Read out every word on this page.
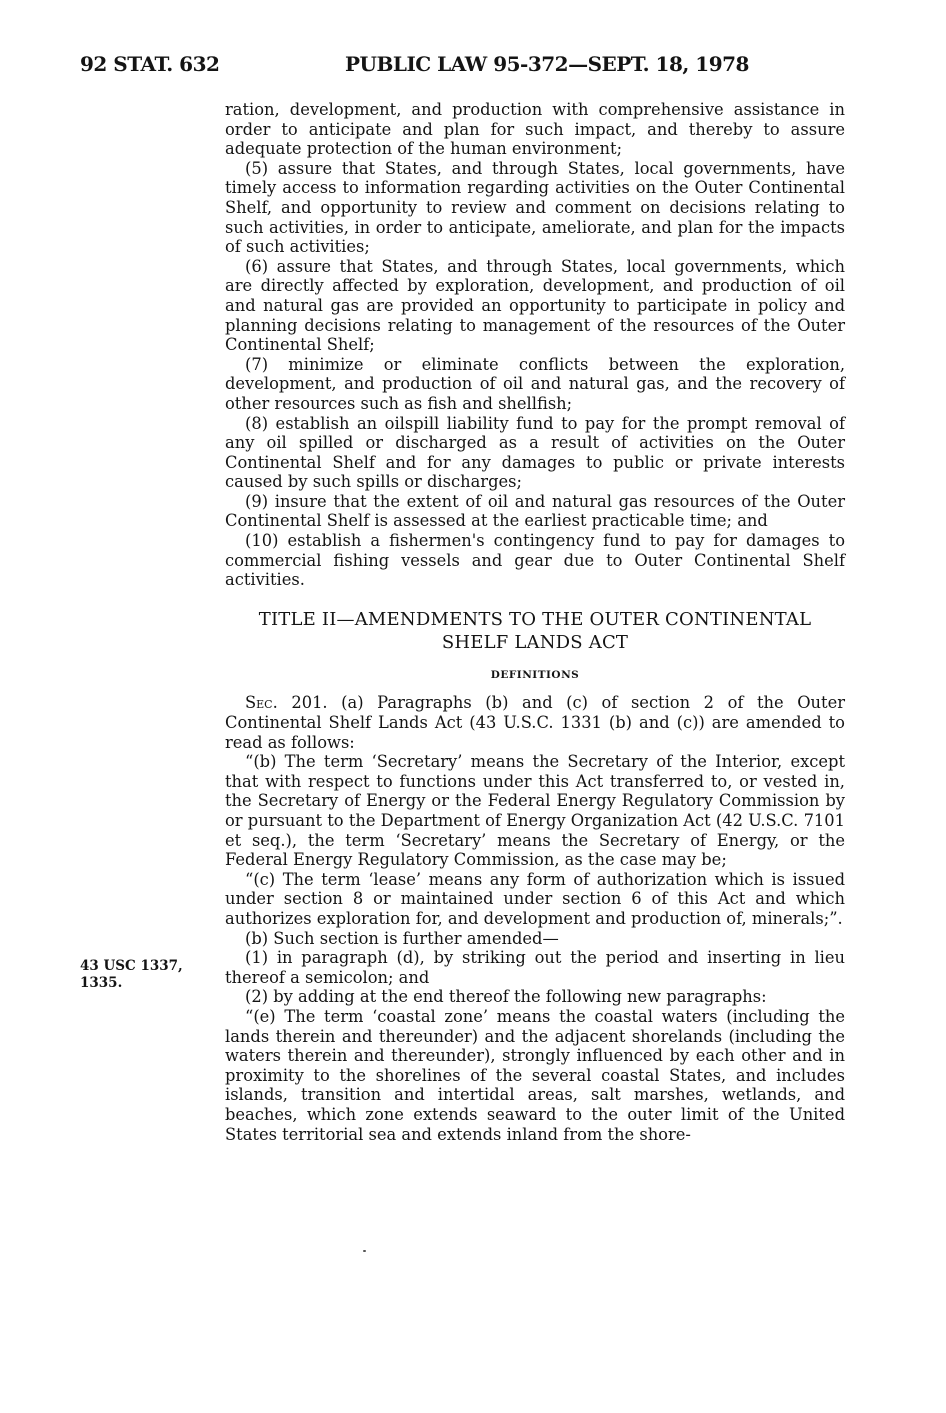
92 STAT. 632	PUBLIC LAW 95-372—SEPT. 18, 1978
43 USC 1337,
1335.

ration, development, and production with comprehensive assistance in order to anticipate and plan for such impact, and thereby to assure adequate protection of the human environment;

(5) assure that States, and through States, local governments, have timely access to information regarding activities on the Outer Continental Shelf, and opportunity to review and comment on decisions relating to such activities, in order to anticipate, ameliorate, and plan for the impacts of such activities;

(6) assure that States, and through States, local governments, which are directly affected by exploration, development, and production of oil and natural gas are provided an opportunity to participate in policy and planning decisions relating to management of the resources of the Outer Continental Shelf;

(7) minimize or eliminate conflicts between the exploration, development, and production of oil and natural gas, and the recovery of other resources such as fish and shellfish;

(8) establish an oilspill liability fund to pay for the prompt removal of any oil spilled or discharged as a result of activities on the Outer Continental Shelf and for any damages to public or private interests caused by such spills or discharges;

(9) insure that the extent of oil and natural gas resources of the Outer Continental Shelf is assessed at the earliest practicable time; and

(10) establish a fishermen's contingency fund to pay for damages to commercial fishing vessels and gear due to Outer Continental Shelf activities.

TITLE II—AMENDMENTS TO THE OUTER CONTINENTAL
SHELF LANDS ACT
DEFINITIONS

Sec. 201. (a) Paragraphs (b) and (c) of section 2 of the Outer Continental Shelf Lands Act (43 U.S.C. 1331 (b) and (c)) are amended to read as follows:

“(b) The term ‘Secretary’ means the Secretary of the Interior, except that with respect to functions under this Act transferred to, or vested in, the Secretary of Energy or the Federal Energy Regulatory Commission by or pursuant to the Department of Energy Organization Act (42 U.S.C. 7101 et seq.), the term ‘Secretary’ means the Secretary of Energy, or the Federal Energy Regulatory Commission, as the case may be;

“(c) The term ‘lease’ means any form of authorization which is issued under section 8 or maintained under section 6 of this Act and which authorizes exploration for, and development and production of, minerals;”.

(b) Such section is further amended—

(1) in paragraph (d), by striking out the period and inserting in lieu thereof a semicolon; and

(2) by adding at the end thereof the following new paragraphs:

“(e) The term ‘coastal zone’ means the coastal waters (including the lands therein and thereunder) and the adjacent shorelands (including the waters therein and thereunder), strongly influenced by each other and in proximity to the shorelines of the several coastal States, and includes islands, transition and intertidal areas, salt marshes, wetlands, and beaches, which zone extends seaward to the outer limit of the United States territorial sea and extends inland from the shore-
